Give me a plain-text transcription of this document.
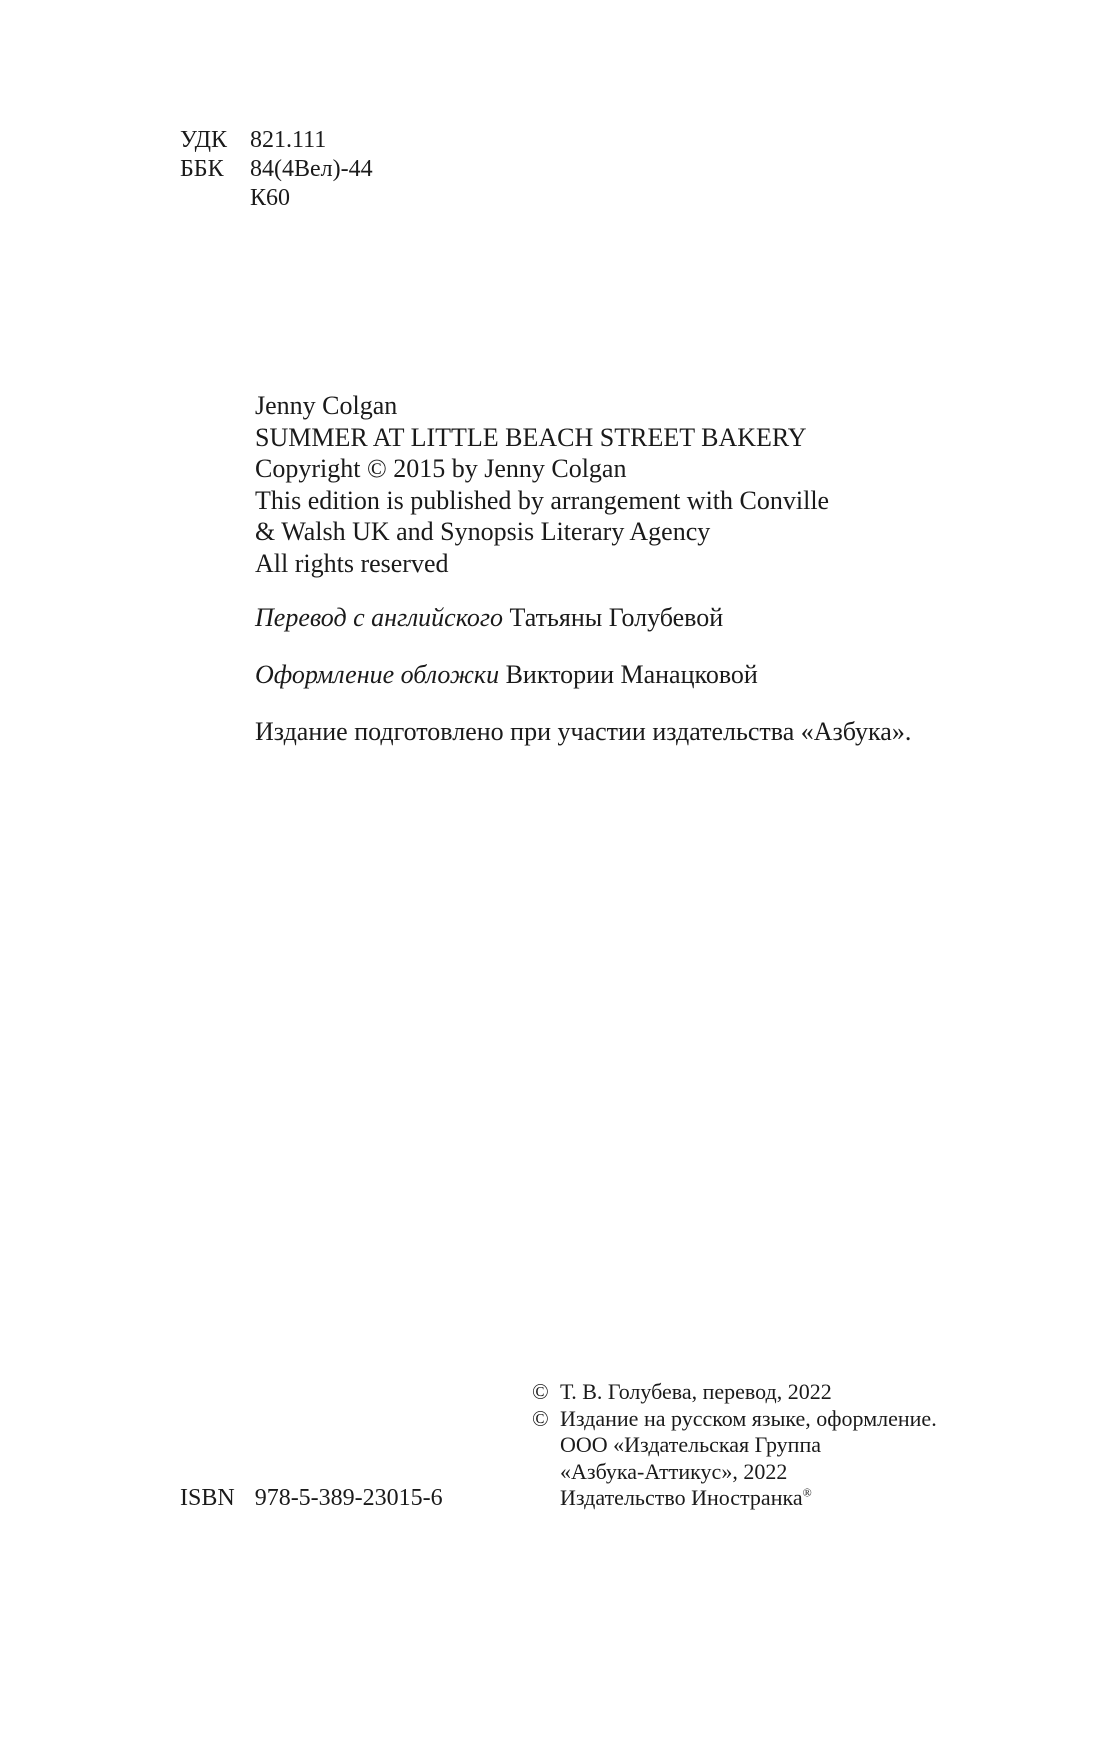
УДК 821.111
ББК	84(4Вел)-44
К60
Jenny Colgan
SUMMER AT LITTLE BEACH STREET BAKERY
Copyright © 2015 by Jenny Colgan
This edition is published by arrangement with Conville
& Walsh UK and Synopsis Literary Agency
All rights reserved
Перевод с английского Татьяны Голубевой
Оформление обложки Виктории Манацковой
Издание подготовлено при участии издательства «Азбука».
ISBN 978-5-389-23015-6
© Т. В. Голубева, перевод, 2022
© Издание на русском языке, оформление.
ООО «Издательская Группа
«Азбука-Аттикус», 2022
Издательство Иностранка®
